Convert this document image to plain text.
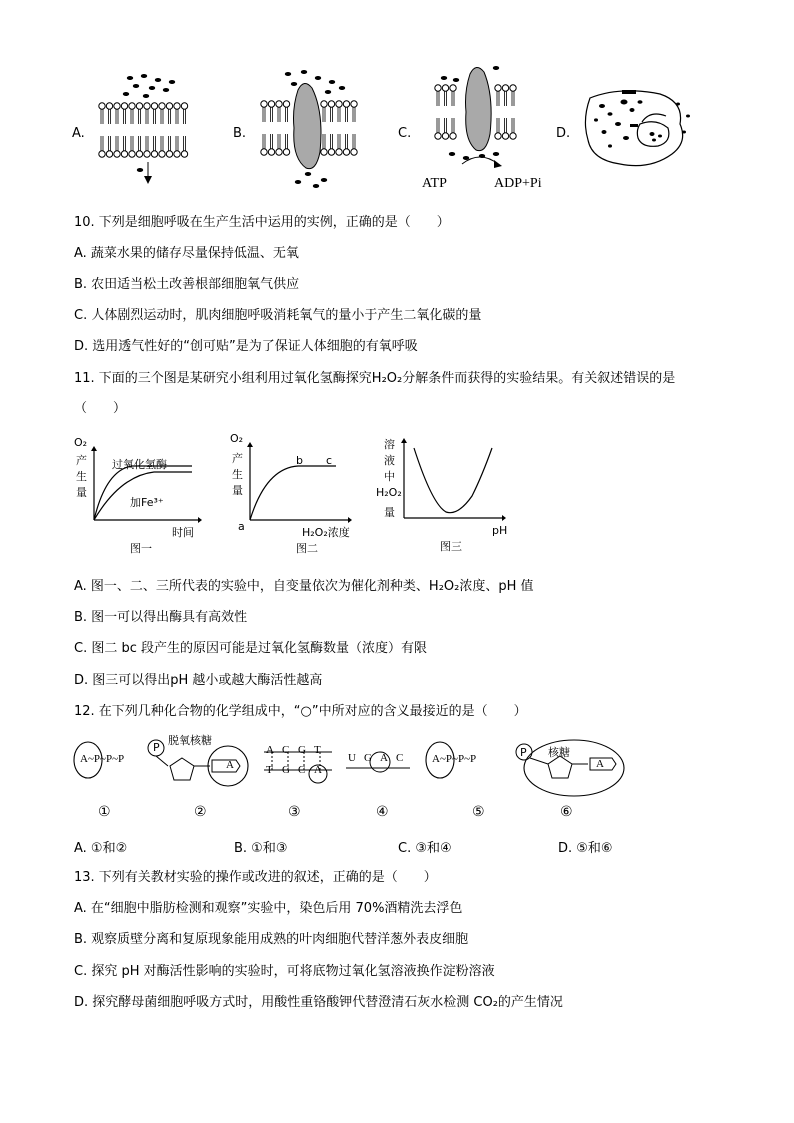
A.	B.	C.	D.
ATP	ADP+Pi
10. 下列是细胞呼吸在生产生活中运用的实例，正确的是（　　）
A. 蔬菜水果的储存尽量保持低温、无氧
B. 农田适当松土改善根部细胞氧气供应
C. 人体剧烈运动时，肌肉细胞呼吸消耗氧气的量小于产生二氧化碳的量
D. 选用透气性好的“创可贴”是为了保证人体细胞的有氧呼吸
11. 下面的三个图是某研究小组利用过氧化氢酶探究H₂O₂分解条件而获得的实验结果。有关叙述错误的是
（　　）
O₂
产
生
量
过氧化氢酶
加Fe³⁺
时间
图一
O₂
产
生
量
b c
a	H₂O₂浓度
图二
溶
液
中
H₂O₂
量
pH
图三
A. 图一、二、三所代表的实验中，自变量依次为催化剂种类、H₂O₂浓度、pH 值
B. 图一可以得出酶具有高效性
C. 图二 bc 段产生的原因可能是过氧化氢酶数量（浓度）有限
D. 图三可以得出pH 越小或越大酶活性越高
12. 在下列几种化合物的化学组成中，“○”中所对应的含义最接近的是（　　）
A~P~P~P
P
脱氧核糖
A
A C G T
T G C A
U G A C	A~P~P~P	P 核糖
A
①	②	③	④	⑤	⑥
A. ①和②	B. ①和③	C. ③和④	D. ⑤和⑥
13. 下列有关教材实验的操作或改进的叙述，正确的是（　　）
A. 在“细胞中脂肪检测和观察”实验中，染色后用 70%酒精洗去浮色
B. 观察质壁分离和复原现象能用成熟的叶肉细胞代替洋葱外表皮细胞
C. 探究 pH 对酶活性影响的实验时，可将底物过氧化氢溶液换作淀粉溶液
D. 探究酵母菌细胞呼吸方式时，用酸性重铬酸钾代替澄清石灰水检测 CO₂的产生情况
